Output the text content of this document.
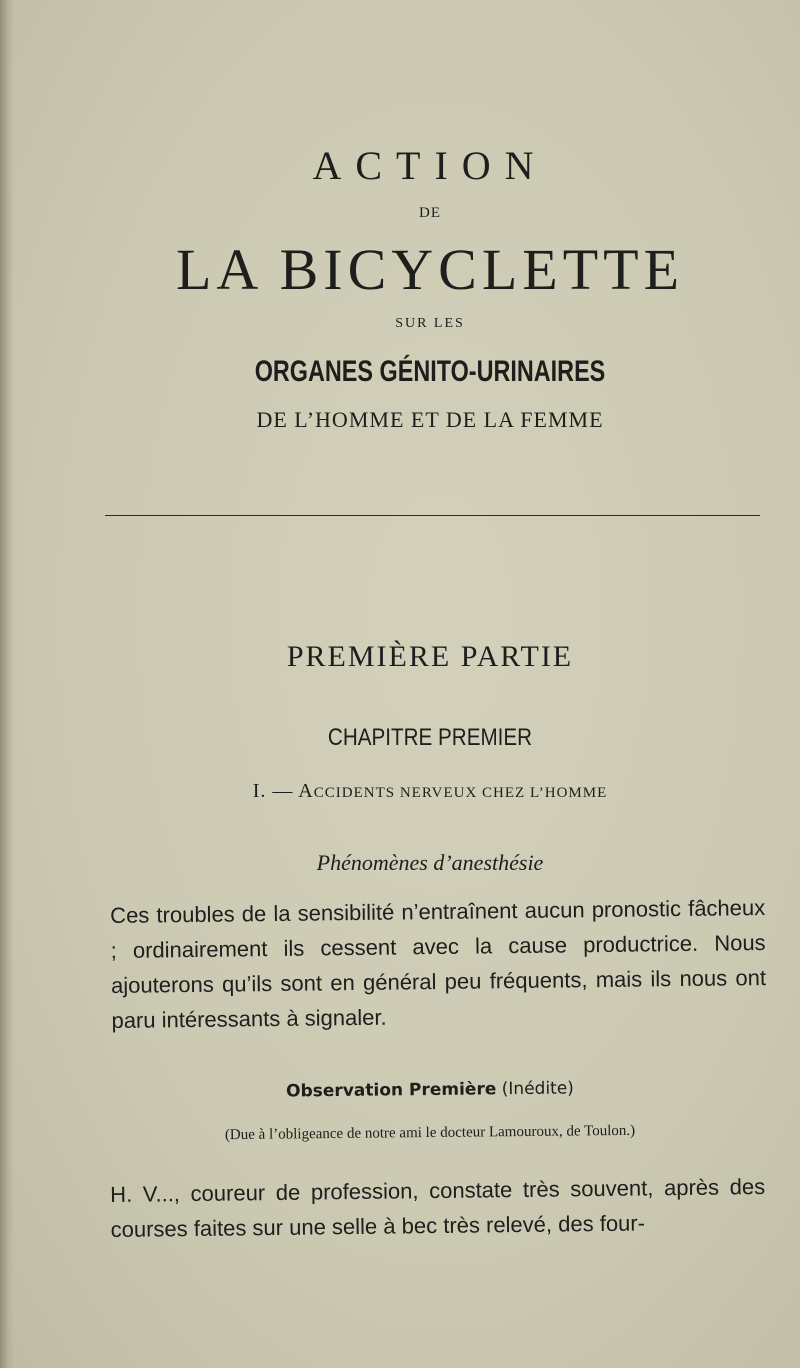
ACTION
DE
LA BICYCLETTE
SUR LES
ORGANES GÉNITO-URINAIRES
DE L’HOMME ET DE LA FEMME
PREMIÈRE PARTIE
CHAPITRE PREMIER
I. — ACCIDENTS NERVEUX CHEZ L’HOMME
Phénomènes d’anesthésie
Ces troubles de la sensibilité n’entraînent aucun pronostic fâcheux ; ordinairement ils cessent avec la cause productrice. Nous ajouterons qu’ils sont en général peu fréquents, mais ils nous ont paru intéressants à signaler.
Observation Première (Inédite)
(Due à l’obligeance de notre ami le docteur Lamouroux, de Toulon.)
H. V..., coureur de profession, constate très souvent, après des courses faites sur une selle à bec très relevé, des four-
